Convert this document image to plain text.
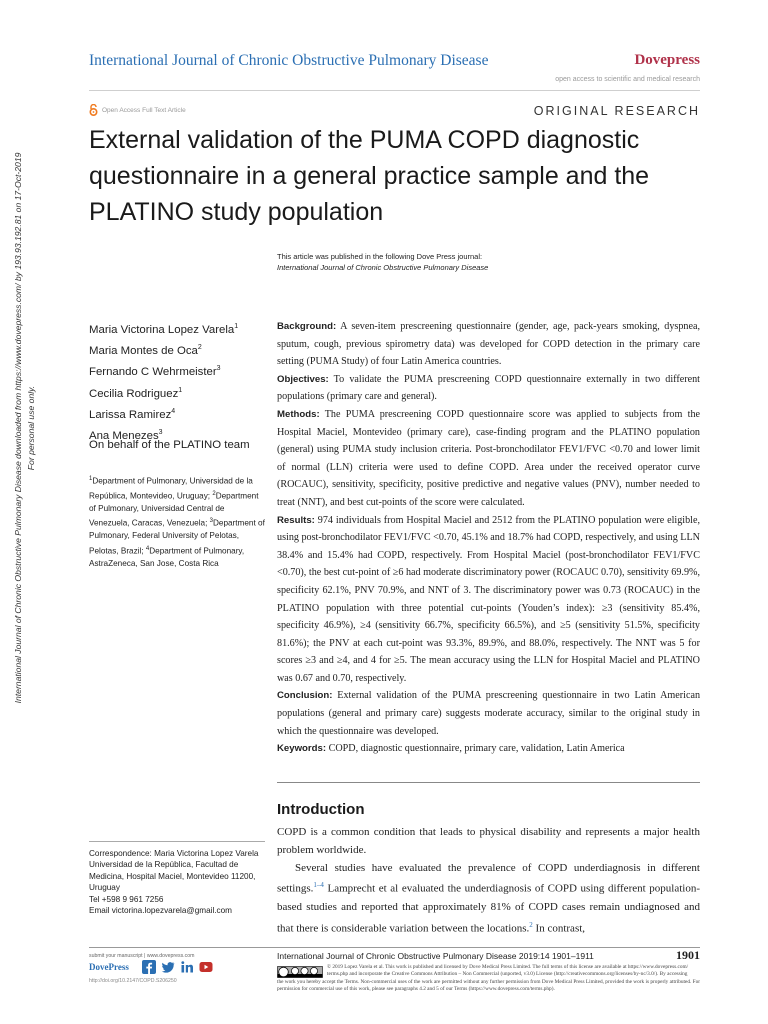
International Journal of Chronic Obstructive Pulmonary Disease downloaded from https://www.dovepress.com/ by 193.93.192.81 on 17-Oct-2019 For personal use only.
International Journal of Chronic Obstructive Pulmonary Disease	Dovepress
open access to scientific and medical research
Open Access Full Text Article	ORIGINAL RESEARCH
External validation of the PUMA COPD diagnostic questionnaire in a general practice sample and the PLATINO study population
This article was published in the following Dove Press journal:
International Journal of Chronic Obstructive Pulmonary Disease
Maria Victorina Lopez Varela$^1$
Maria Montes de Oca$^2$
Fernando C Wehrmeister$^3$
Cecilia Rodriguez$^1$
Larissa Ramirez$^4$
Ana Menezes$^3$
On behalf of the PLATINO team
$^1$Department of Pulmonary, Universidad de la República, Montevideo, Uruguay; $^2$Department of Pulmonary, Universidad Central de Venezuela, Caracas, Venezuela; $^3$Department of Pulmonary, Federal University of Pelotas, Pelotas, Brazil; $^4$Department of Pulmonary, AstraZeneca, San Jose, Costa Rica

Background: A seven-item prescreening questionnaire (gender, age, pack-years smoking, dyspnea, sputum, cough, previous spirometry data) was developed for COPD detection in the primary care setting (PUMA Study) of four Latin America countries.

Objectives: To validate the PUMA prescreening COPD questionnaire externally in two different populations (primary care and general).

Methods: The PUMA prescreening COPD questionnaire score was applied to subjects from the Hospital Maciel, Montevideo (primary care), case-finding program and the PLATINO population (general) using PUMA study inclusion criteria. Post-bronchodilator FEV1/FVC <0.70 and lower limit of normal (LLN) criteria were used to define COPD. Area under the received operator curve (ROCAUC), sensitivity, specificity, positive predictive and negative values (PNV), number needed to treat (NNT), and best cut-points of the score were calculated.

Results: 974 individuals from Hospital Maciel and 2512 from the PLATINO population were eligible, using post-bronchodilator FEV1/FVC <0.70, 45.1% and 18.7% had COPD, respectively, and using LLN 38.4% and 15.4% had COPD, respectively. From Hospital Maciel (post-bronchodilator FEV1/FVC <0.70), the best cut-point of ≥6 had moderate discriminatory power (ROCAUC 0.70), sensitivity 69.9%, specificity 62.1%, PNV 70.9%, and NNT of 3. The discriminatory power was 0.73 (ROCAUC) in the PLATINO population with three potential cut-points (Youden’s index): ≥3 (sensitivity 85.4%, specificity 46.9%), ≥4 (sensitivity 66.7%, specificity 66.5%), and ≥5 (sensitivity 51.5%, specificity 81.6%); the PNV at each cut-point was 93.3%, 89.9%, and 88.0%, respectively. The NNT was 5 for scores ≥3 and ≥4, and 4 for ≥5. The mean accuracy using the LLN for Hospital Maciel and PLATINO was 0.67 and 0.70, respectively.

Conclusion: External validation of the PUMA prescreening questionnaire in two Latin American populations (general and primary care) suggests moderate accuracy, similar to the original study in which the questionnaire was developed.

Keywords: COPD, diagnostic questionnaire, primary care, validation, Latin America

Introduction

COPD is a common condition that leads to physical disability and represents a major health problem worldwide.

Several studies have evaluated the prevalence of COPD underdiagnosis in different settings.$^{1-4}$ Lamprecht et al evaluated the underdiagnosis of COPD using different population-based studies and reported that approximately 81% of COPD cases remain undiagnosed and that there is considerable variation between the locations.$^2$ In contrast,

Correspondence: Maria Victorina Lopez Varela
Universidad de la República, Facultad de Medicina, Hospital Maciel, Montevideo 11200, Uruguay
Tel +598 9 961 7256
Email victorina.lopezvarela@gmail.com
submit your manuscript | www.dovepress.com
DovePress
http://doi.org/10.2147/COPD.S206250
International Journal of Chronic Obstructive Pulmonary Disease 2019:14 1901–1911	1901
© 2019 Lopez Varela et al. This work is published and licensed by Dove Medical Press Limited. The full terms of this license are available at https://www.dovepress.com/
terms.php and incorporate the Creative Commons Attribution – Non Commercial (unported, v3.0) License (http://creativecommons.org/licenses/by-nc/3.0/). By accessing
the work you hereby accept the Terms. Non-commercial uses of the work are permitted without any further permission from Dove Medical Press Limited, provided the work is properly attributed. For permission for commercial use of this work, please see paragraphs 4.2 and 5 of our Terms (https://www.dovepress.com/terms.php).
